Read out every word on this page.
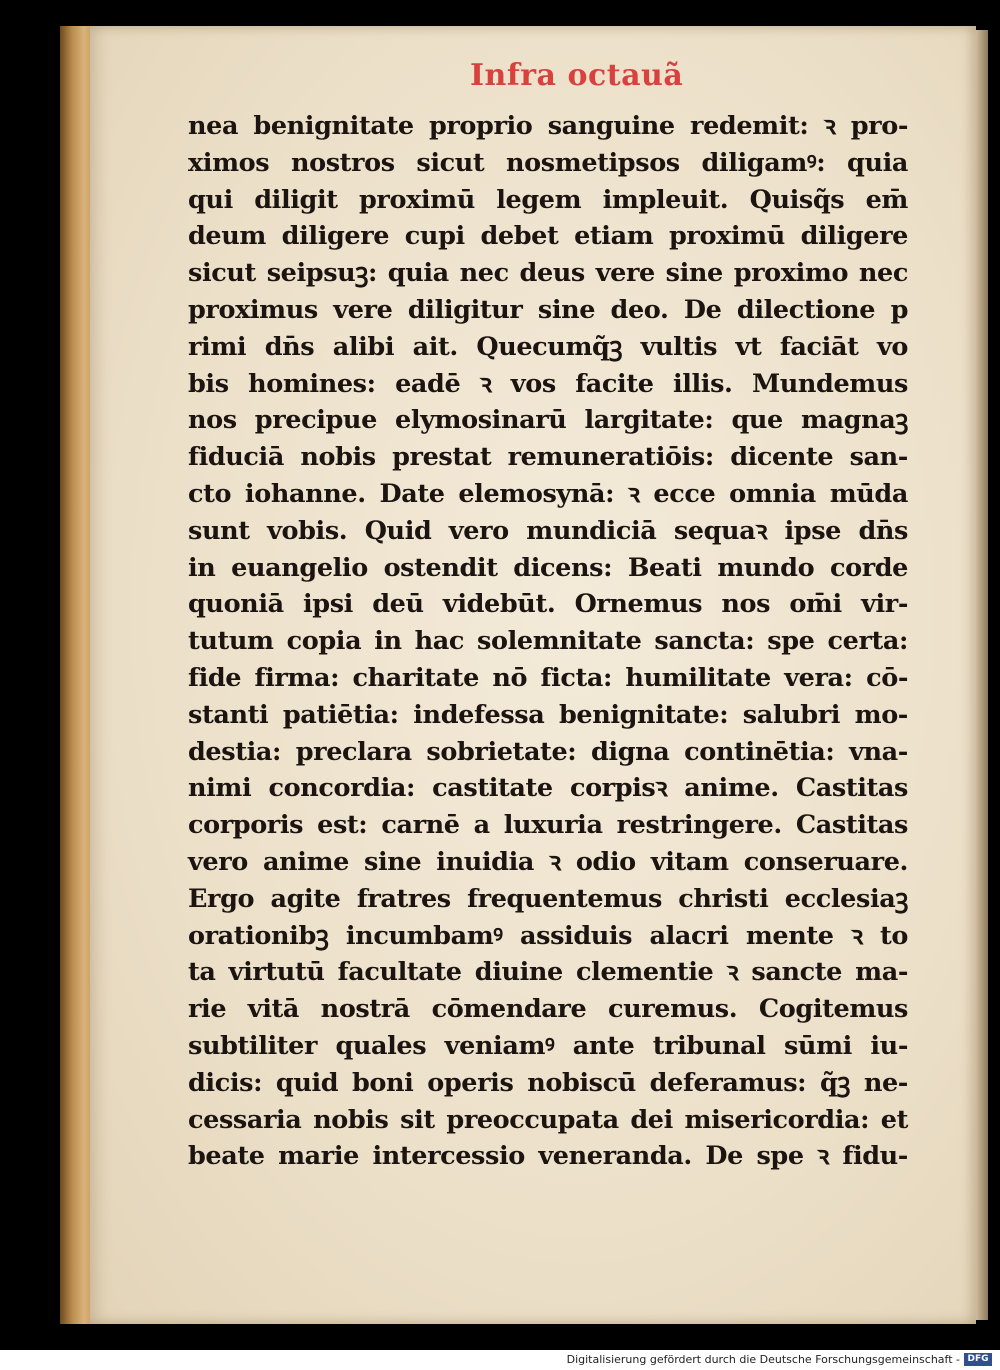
Infra octauã
nea benignitate proprio sanguine redemit: ꝛ pro-
ximos nostros sicut nosmetipsos diligamꝰ: quia
qui diligit proximū legem impleuit. Quisq̃s em̄
deum diligere cupi debet etiam proximū diligere
sicut seipsuꝫ: quia nec deus vere sine proximo nec
proximus vere diligitur sine deo. De dilectione p
rimi dn̄s alibi ait. Quecumq̃ꝫ vultis vt faciāt vo
bis homines: eadē ꝛ vos facite illis. Mundemus
nos precipue elymosinarū largitate: que magnaꝫ
fiduciā nobis prestat remuneratiōis: dicente san-
cto iohanne. Date elemosynā: ꝛ ecce omnia mūda
sunt vobis. Quid vero mundiciā sequaꝛ ipse dn̄s
in euangelio ostendit dicens: Beati mundo corde
quoniā ipsi deū videbūt. Ornemus nos om̄i vir-
tutum copia in hac solemnitate sancta: spe certa:
fide firma: charitate nō ficta: humilitate vera: cō-
stanti patiētia: indefessa benignitate: salubri mo-
destia: preclara sobrietate: digna continētia: vna-
nimi concordia: castitate corpisꝛ anime. Castitas
corporis est: carnē a luxuria restringere. Castitas
vero anime sine inuidia ꝛ odio vitam conseruare.
Ergo agite fratres frequentemus christi ecclesiaꝫ
orationibꝫ incumbamꝰ assiduis alacri mente ꝛ to
ta virtutū facultate diuine clementie ꝛ sancte ma-
rie vitā nostrā cōmendare curemus. Cogitemus
subtiliter quales veniamꝰ ante tribunal sūmi iu-
dicis: quid boni operis nobiscū deferamus: q̃ꝫ ne-
cessaria nobis sit preoccupata dei misericordia: et
beate marie intercessio veneranda. De spe ꝛ fidu-
Digitalisierung gefördert durch die Deutsche Forschungsgemeinschaft - DFG
